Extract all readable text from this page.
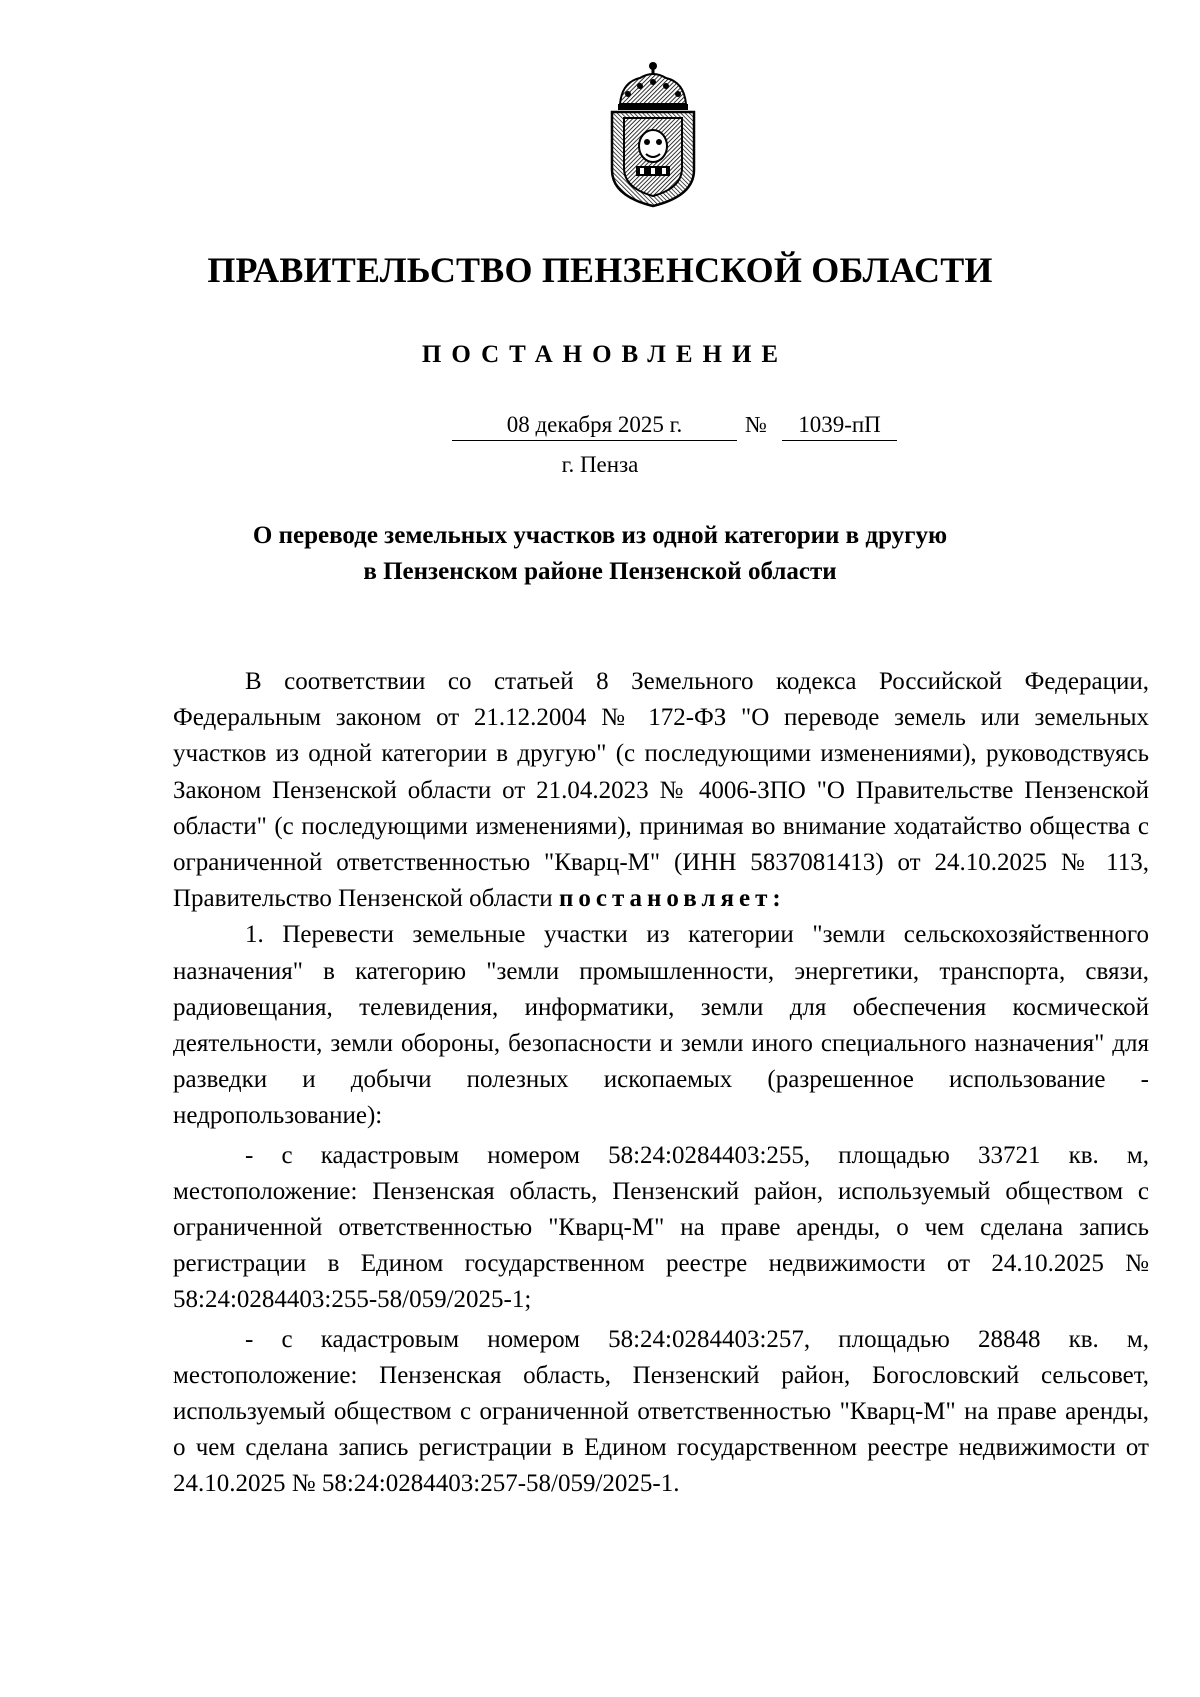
ПРАВИТЕЛЬСТВО ПЕНЗЕНСКОЙ ОБЛАСТИ
ПОСТАНОВЛЕНИЕ
08 декабря 2025 г.	№	1039-пП
г. Пенза
О переводе земельных участков из одной категории в другую
в Пензенском районе Пензенской области

В соответствии со статьей 8 Земельного кодекса Российской Федерации, Федеральным законом от 21.12.2004 № 172-ФЗ "О переводе земель или земельных участков из одной категории в другую" (с последующими изменениями), руководствуясь Законом Пензенской области от 21.04.2023 № 4006-ЗПО "О Правительстве Пензенской области" (с последующими изменениями), принимая во внимание ходатайство общества с ограниченной ответственностью "Кварц-М" (ИНН 5837081413) от 24.10.2025 № 113, Правительство Пензенской области постановляет:

1. Перевести земельные участки из категории "земли сельскохозяйственного назначения" в категорию "земли промышленности, энергетики, транспорта, связи, радиовещания, телевидения, информатики, земли для обеспечения космической деятельности, земли обороны, безопасности и земли иного специального назначения" для разведки и добычи полезных ископаемых (разрешенное использование - недропользование):

- с кадастровым номером 58:24:0284403:255, площадью 33721 кв. м, местоположение: Пензенская область, Пензенский район, используемый обществом с ограниченной ответственностью "Кварц-М" на праве аренды, о чем сделана запись регистрации в Едином государственном реестре недвижимости от 24.10.2025 № 58:24:0284403:255-58/059/2025-1;

- с кадастровым номером 58:24:0284403:257, площадью 28848 кв. м, местоположение: Пензенская область, Пензенский район, Богословский сельсовет, используемый обществом с ограниченной ответственностью "Кварц-М" на праве аренды, о чем сделана запись регистрации в Едином государственном реестре недвижимости от 24.10.2025 № 58:24:0284403:257-58/059/2025-1.
